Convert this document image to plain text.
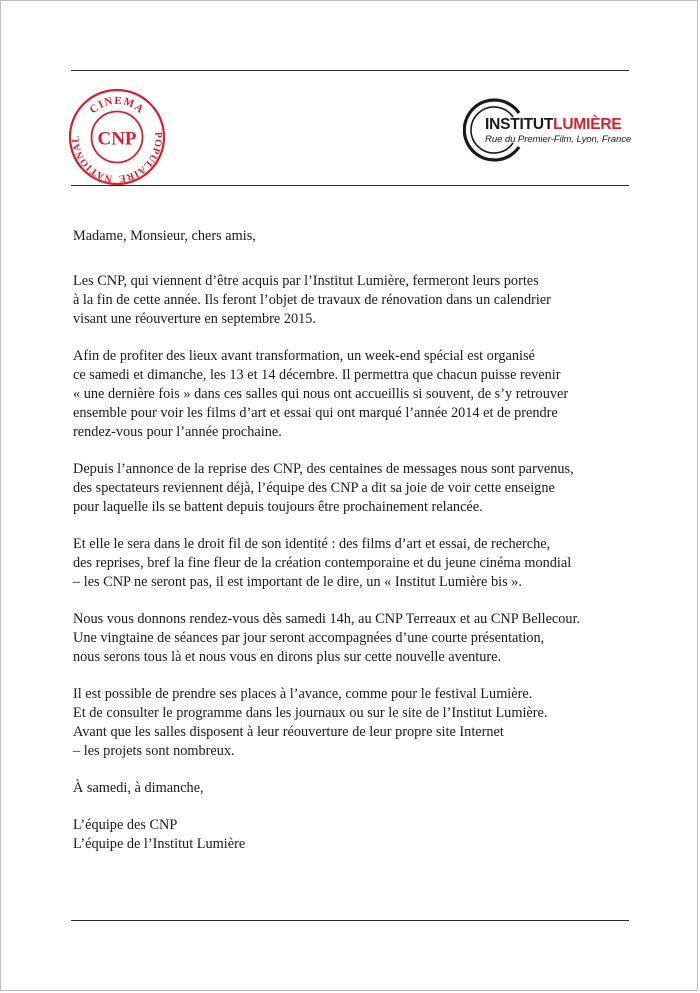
CINEMA
NATIONAL	POPULAIRE
CNP
INSTITUTLUMIÈRE
Rue du Premier-Film, Lyon, France

Madame, Monsieur, chers amis,

Les CNP, qui viennent d’être acquis par l’Institut Lumière, fermeront leurs portes
à la fin de cette année. Ils feront l’objet de travaux de rénovation dans un calendrier
visant une réouverture en septembre 2015.

Afin de profiter des lieux avant transformation, un week-end spécial est organisé
ce samedi et dimanche, les 13 et 14 décembre. Il permettra que chacun puisse revenir
« une dernière fois » dans ces salles qui nous ont accueillis si souvent, de s’y retrouver
ensemble pour voir les films d’art et essai qui ont marqué l’année 2014 et de prendre
rendez-vous pour l’année prochaine.

Depuis l’annonce de la reprise des CNP, des centaines de messages nous sont parvenus,
des spectateurs reviennent déjà, l’équipe des CNP a dit sa joie de voir cette enseigne
pour laquelle ils se battent depuis toujours être prochainement relancée.

Et elle le sera dans le droit fil de son identité : des films d’art et essai, de recherche,
des reprises, bref la fine fleur de la création contemporaine et du jeune cinéma mondial
– les CNP ne seront pas, il est important de le dire, un « Institut Lumière bis ».

Nous vous donnons rendez-vous dès samedi 14h, au CNP Terreaux et au CNP Bellecour.
Une vingtaine de séances par jour seront accompagnées d’une courte présentation,
nous serons tous là et nous vous en dirons plus sur cette nouvelle aventure.

Il est possible de prendre ses places à l’avance, comme pour le festival Lumière.
Et de consulter le programme dans les journaux ou sur le site de l’Institut Lumière.
Avant que les salles disposent à leur réouverture de leur propre site Internet
– les projets sont nombreux.

À samedi, à dimanche,

L’équipe des CNP
L’équipe de l’Institut Lumière
